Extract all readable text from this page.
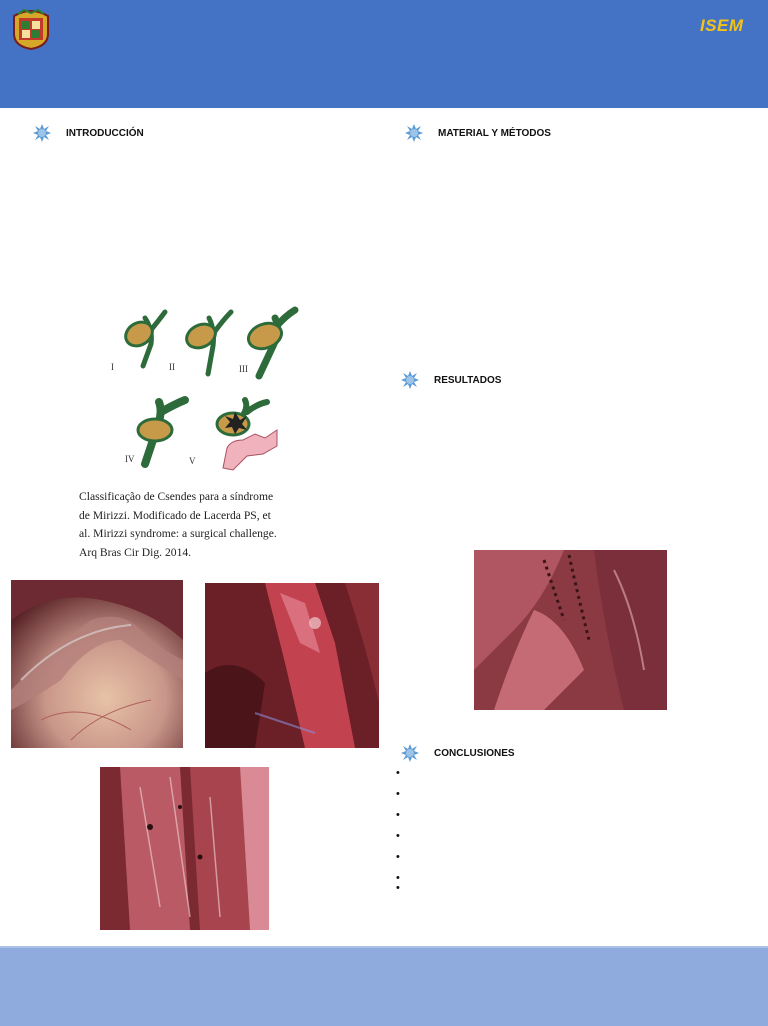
ISEM
INTRODUCCIÓN	MATERIAL Y MÉTODOS
RESULTADOS
CONCLUSIONES
I	II	III
IV	V
Classificação de Csendes para a síndrome
de Mirizzi. Modificado de Lacerda PS, et
al. Mirizzi syndrome: a surgical challenge.
Arq Bras Cir Dig. 2014.
•
•
•
•
•
•
•
